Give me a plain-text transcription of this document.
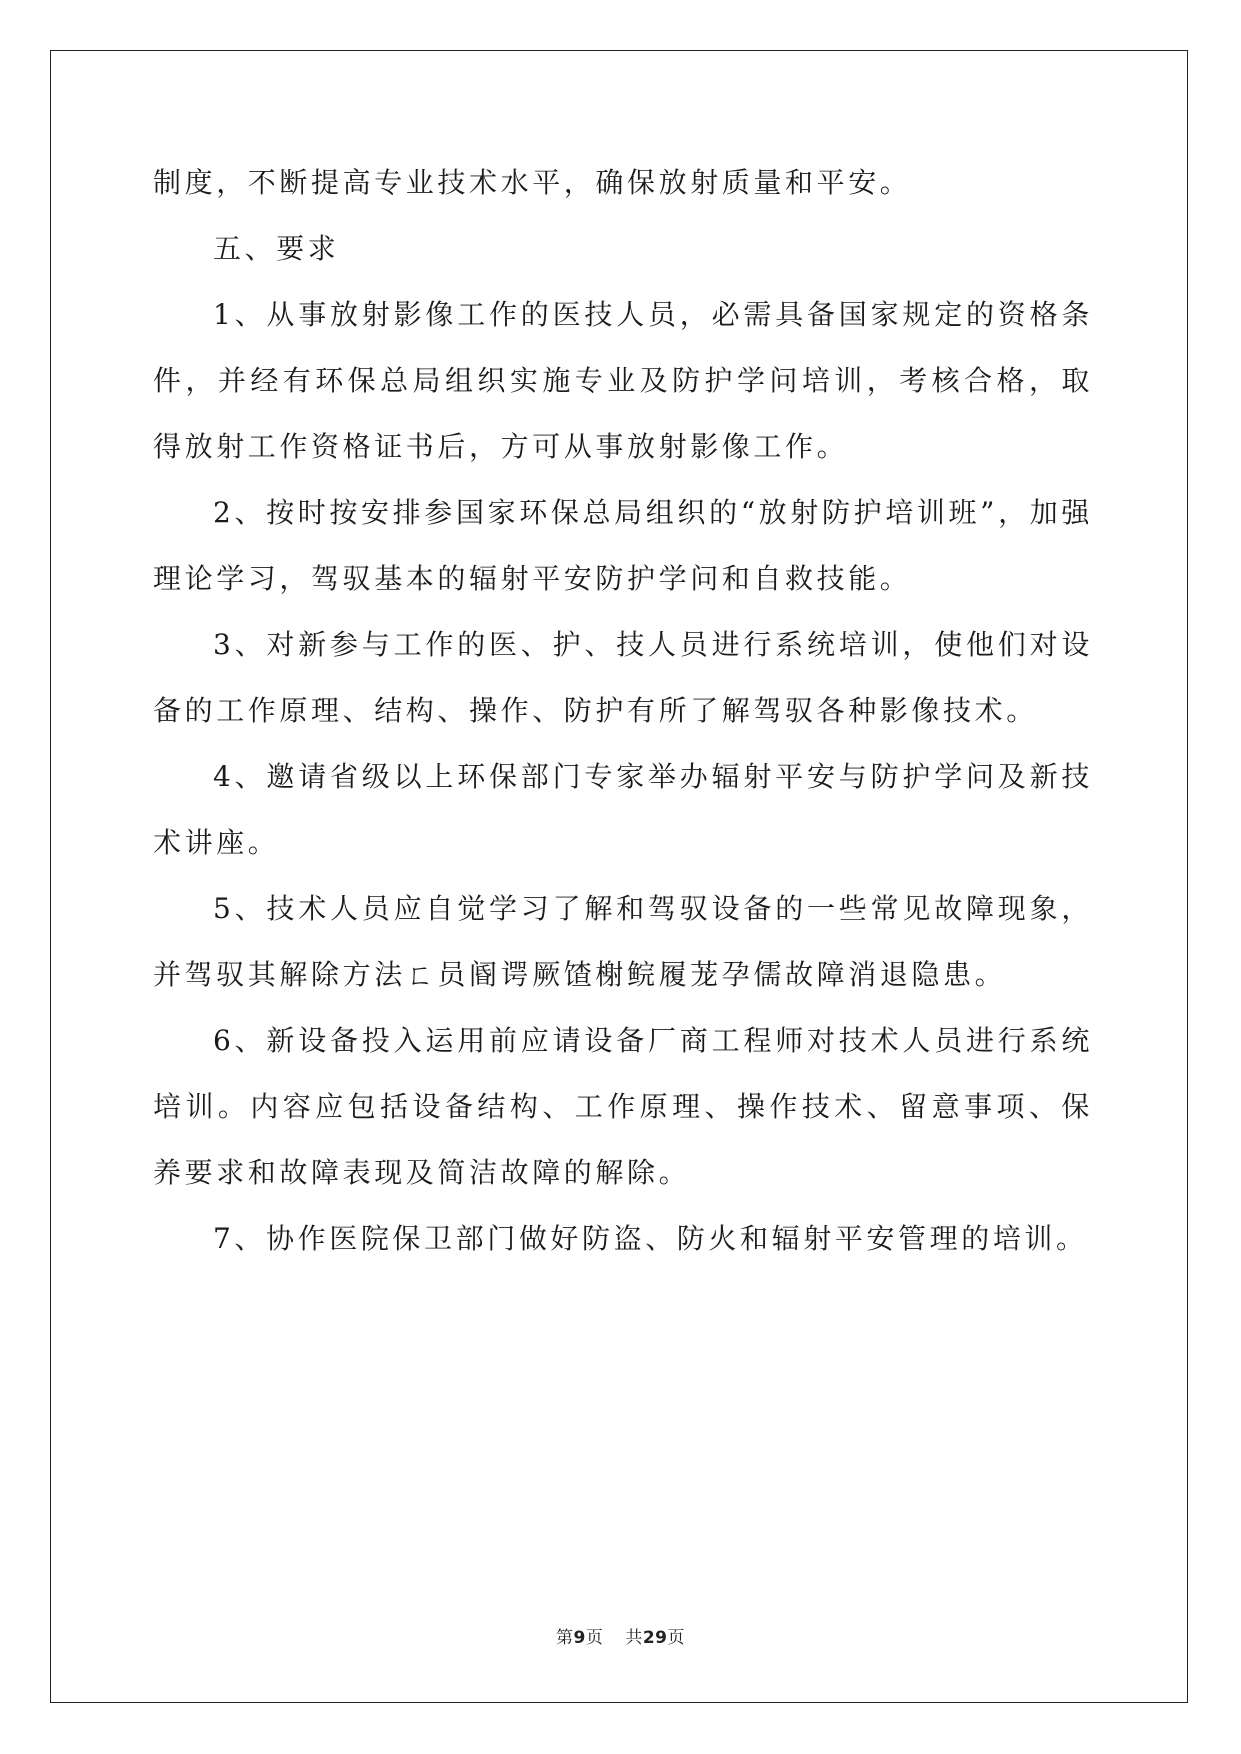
制度，不断提高专业技术水平，确保放射质量和平安。

五、要求

1、从事放射影像工作的医技人员，必需具备国家规定的资格条件，并经有环保总局组织实施专业及防护学问培训，考核合格，取得放射工作资格证书后，方可从事放射影像工作。

2、按时按安排参国家环保总局组织的“放射防护培训班”，加强理论学习，驾驭基本的辐射平安防护学问和自救技能。

3、对新参与工作的医、护、技人员进行系统培训，使他们对设备的工作原理、结构、操作、防护有所了解驾驭各种影像技术。

4、邀请省级以上环保部门专家举办辐射平安与防护学问及新技术讲座。

5、技术人员应自觉学习了解和驾驭设备的一些常见故障现象，并驾驭其解除方法ㄈ员阍谔厥馇榭鲩履茏孕儒故障消退隐患。

6、新设备投入运用前应请设备厂商工程师对技术人员进行系统培训。内容应包括设备结构、工作原理、操作技术、留意事项、保养要求和故障表现及简洁故障的解除。

7、协作医院保卫部门做好防盗、防火和辐射平安管理的培训。

第9页 共29页
